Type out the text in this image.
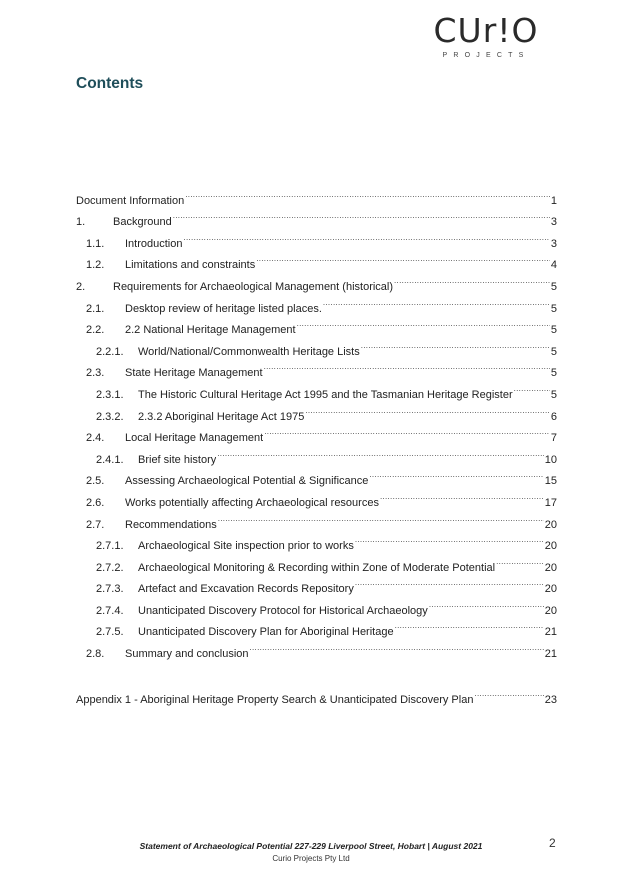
CUr!O
PROJECTS
Contents
Document Information .....	1
1.	Background .....	3
1.1.	Introduction .....	3
1.2.	Limitations and constraints .....	4
2.	Requirements for Archaeological Management (historical) .....	5
2.1.	Desktop review of heritage listed places. .....	5
2.2.	2.2 National Heritage Management .....	5
2.2.1.	World/National/Commonwealth Heritage Lists .....	5
2.3.	State Heritage Management .....	5
2.3.1.	The Historic Cultural Heritage Act 1995 and the Tasmanian Heritage Register .....	5
2.3.2.	2.3.2 Aboriginal Heritage Act 1975 .....	6
2.4.	Local Heritage Management .....	7
2.4.1.	Brief site history .....	10
2.5.	Assessing Archaeological Potential & Significance .....	15
2.6.	Works potentially affecting Archaeological resources .....	17
2.7.	Recommendations .....	20
2.7.1.	Archaeological Site inspection prior to works .....	20
2.7.2.	Archaeological Monitoring & Recording within Zone of Moderate Potential .....	20
2.7.3.	Artefact and Excavation Records Repository .....	20
2.7.4.	Unanticipated Discovery Protocol for Historical Archaeology .....	20
2.7.5.	Unanticipated Discovery Plan for Aboriginal Heritage .....	21
2.8.	Summary and conclusion .....	21
Appendix 1 - Aboriginal Heritage Property Search & Unanticipated Discovery Plan .....	23
Statement of Archaeological Potential 227-229 Liverpool Street, Hobart | August 2021
Curio Projects Pty Ltd
2
